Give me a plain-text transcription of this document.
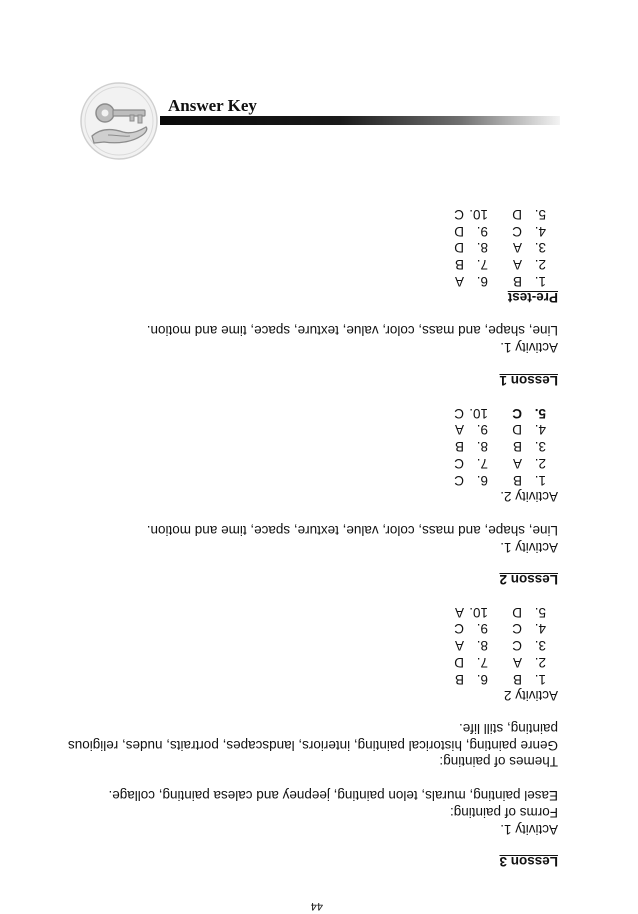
Answer Key
44
Lesson 3
Activity 1.
Forms of painting:
Easel painting, murals, telon painting, jeepney and calesa painting, collage.
Themes of painting:
Genre painting, historical painting, interiors, landscapes, portraits, nudes, religious
painting, still life.
Activity 2
1.B
2.A
3.C
4.C
5.D
6.B
7.D
8.A
9.C
10.A
Lesson 2
Activity 1.
Line, shape, and mass, color, value, texture, space, time and motion.
Activity 2.
1.B
2.A
3.B
4.D
5.C
6.C
7.C
8.B
9.A
10.C
Lesson 1
Activity 1.
Line, shape, and mass, color, value, texture, space, time and motion.
Pre-test
1.B
2.A
3.A
4.C
5.D
6.A
7.B
8.D
9.D
10.C
